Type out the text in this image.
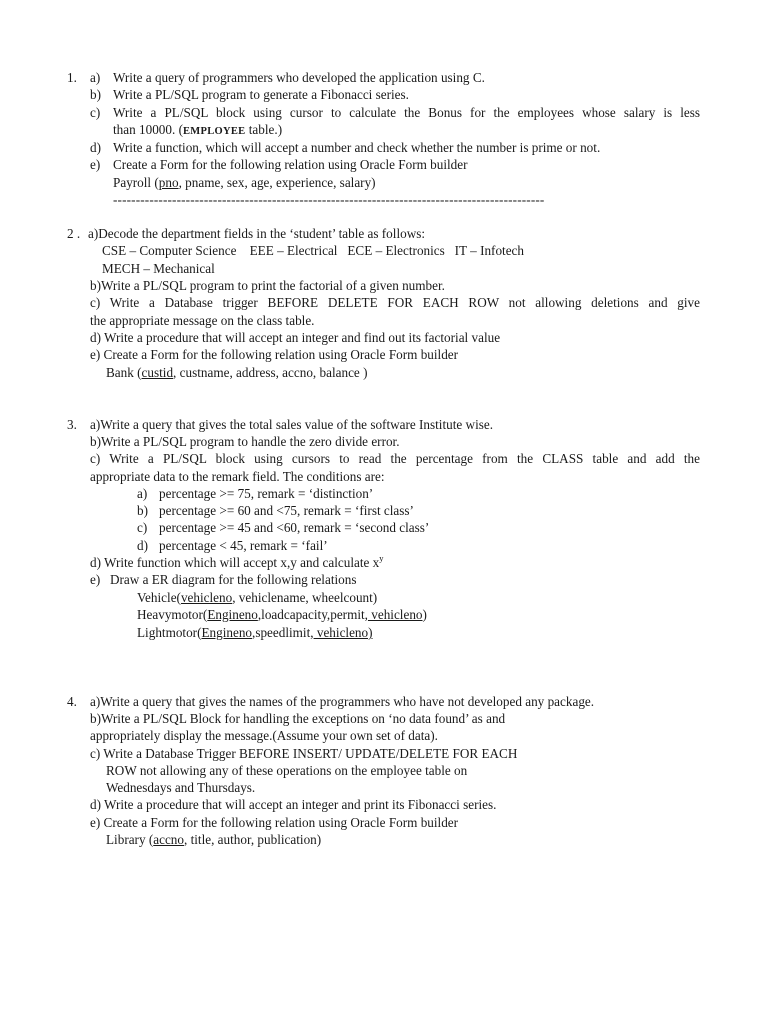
1. a) Write a query of programmers who developed the application using C.
b) Write a PL/SQL program to generate a Fibonacci series.
c) Write a PL/SQL block using cursor to calculate the Bonus for the employees whose salary is less
than 10000. (EMPLOYEE table.)
d) Write a function, which will accept a number and check whether the number is prime or not.
e) Create a Form for the following relation using Oracle Form builder
Payroll (pno, pname, sex, age, experience, salary)
-----------------------------------------------------------------------------------------------
2 . a)Decode the department fields in the ‘student’ table as follows:
CSE – Computer Science    EEE – Electrical   ECE – Electronics   IT – Infotech
MECH – Mechanical
b)Write a PL/SQL program to print the factorial of a given number.
c) Write a Database trigger BEFORE DELETE FOR EACH ROW not allowing deletions and give
the appropriate message on the class table.
d) Write a procedure that will accept an integer and find out its factorial value
e) Create a Form for the following relation using Oracle Form builder
Bank (custid, custname, address, accno, balance )
3. a)Write a query that gives the total sales value of the software Institute wise.
b)Write a PL/SQL program to handle the zero divide error.
c) Write a PL/SQL block using cursors to read the percentage from the CLASS table and add the
appropriate data to the remark field. The conditions are:
a) percentage >= 75, remark = ‘distinction’
b) percentage >= 60 and <75, remark = ‘first class’
c) percentage >= 45 and <60, remark = ‘second class’
d) percentage < 45, remark = ‘fail’
d) Write function which will accept x,y and calculate $x^y$
e) Draw a ER diagram for the following relations
Vehicle(vehicleno, vehiclename, wheelcount)
Heavymotor(Engineno,loadcapacity,permit, vehicleno)
Lightmotor(Engineno,speedlimit, vehicleno)
4. a)Write a query that gives the names of the programmers who have not developed any package.
b)Write a PL/SQL Block for handling the exceptions on ‘no data found’ as and
appropriately display the message.(Assume your own set of data).
c) Write a Database Trigger BEFORE INSERT/ UPDATE/DELETE FOR EACH
ROW not allowing any of these operations on the employee table on
Wednesdays and Thursdays.
d) Write a procedure that will accept an integer and print its Fibonacci series.
e) Create a Form for the following relation using Oracle Form builder
Library (accno, title, author, publication)
